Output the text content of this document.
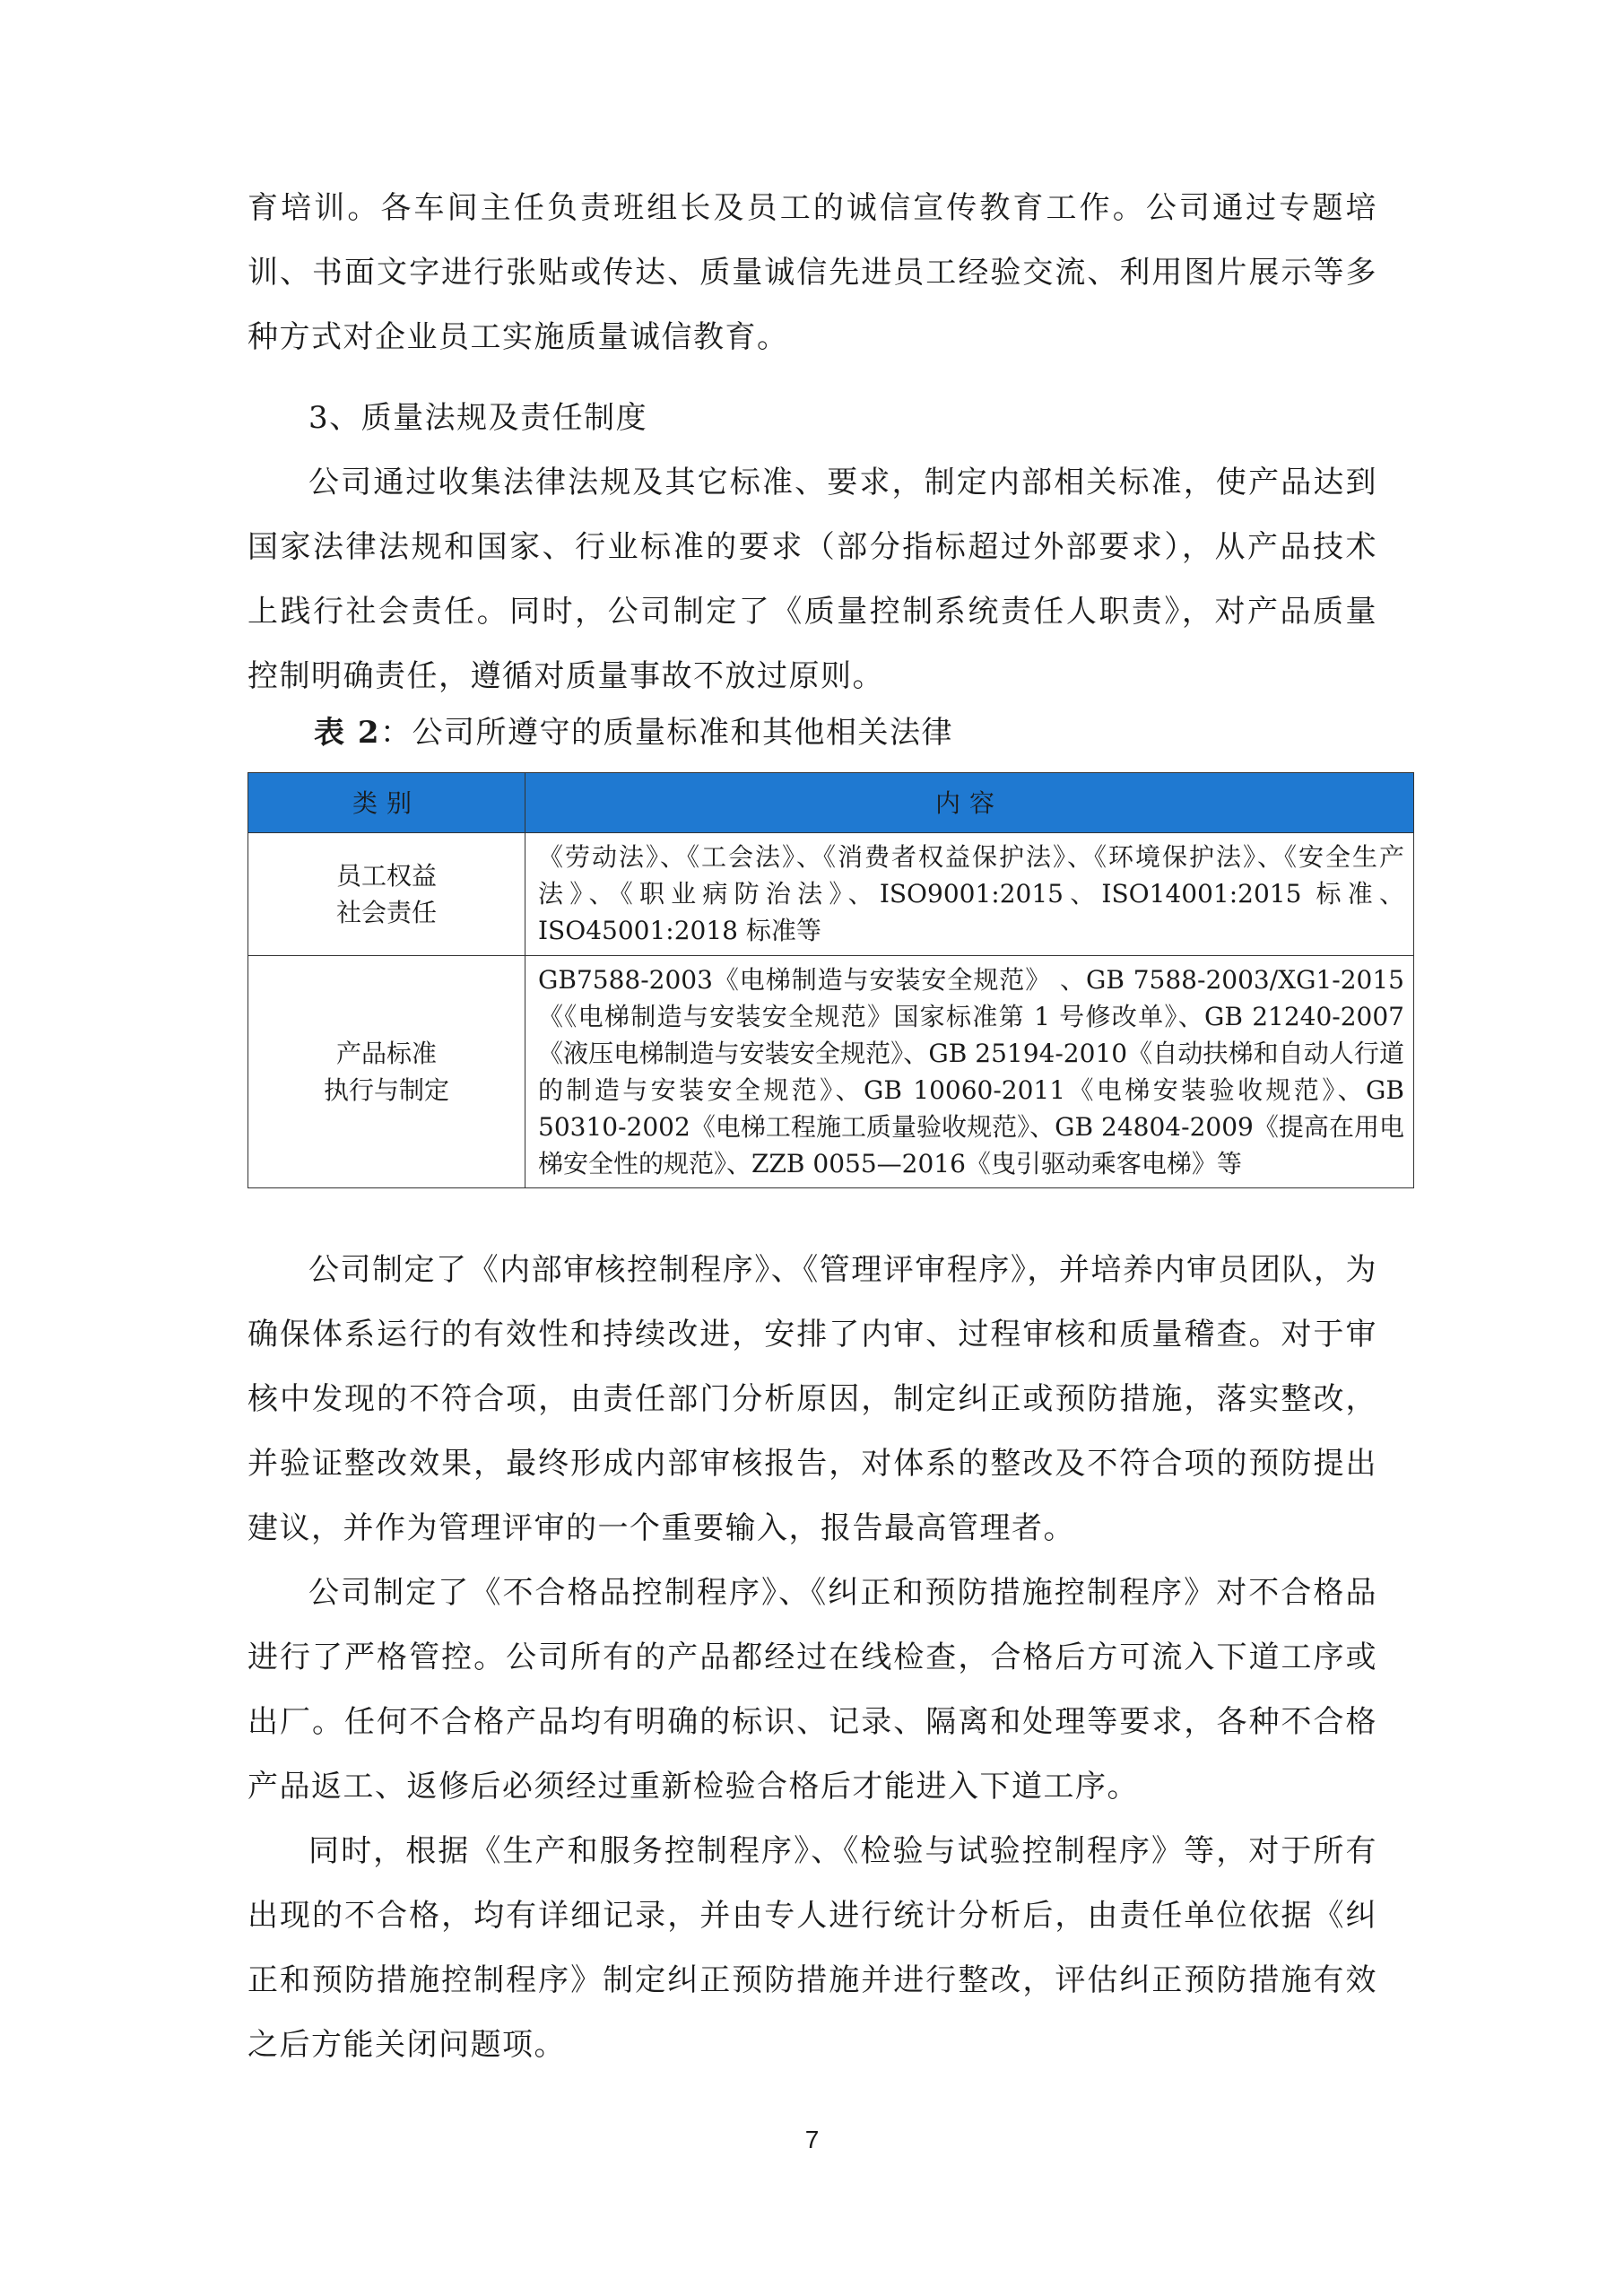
育培训。各车间主任负责班组长及员工的诚信宣传教育工作。公司通过专题培训、书面文字进行张贴或传达、质量诚信先进员工经验交流、利用图片展示等多种方式对企业员工实施质量诚信教育。

3、质量法规及责任制度

公司通过收集法律法规及其它标准、要求，制定内部相关标准，使产品达到国家法律法规和国家、行业标准的要求（部分指标超过外部要求），从产品技术上践行社会责任。同时，公司制定了《质量控制系统责任人职责》，对产品质量控制明确责任，遵循对质量事故不放过原则。

表 2：公司所遵守的质量标准和其他相关法律

类别	内容

员工权益
社会责任	《劳动法》、《工会法》、《消费者权益保护法》、《环境保护法》、《安全生产法》、《职业病防治法》、ISO9001:2015、ISO14001:2015 标准、ISO45001:2018 标准等

产品标准
执行与制定	GB7588-2003《电梯制造与安装安全规范》 、GB 7588-2003/XG1-2015《《电梯制造与安装安全规范》国家标准第 1 号修改单》、GB 21240-2007《液压电梯制造与安装安全规范》、GB 25194-2010《自动扶梯和自动人行道的制造与安装安全规范》、GB 10060-2011《电梯安装验收规范》、GB 50310-2002《电梯工程施工质量验收规范》、GB 24804-2009《提高在用电梯安全性的规范》、ZZB 0055—2016《曳引驱动乘客电梯》等

公司制定了《内部审核控制程序》、《管理评审程序》，并培养内审员团队，为确保体系运行的有效性和持续改进，安排了内审、过程审核和质量稽查。对于审核中发现的不符合项，由责任部门分析原因，制定纠正或预防措施，落实整改，并验证整改效果，最终形成内部审核报告，对体系的整改及不符合项的预防提出建议，并作为管理评审的一个重要输入，报告最高管理者。

公司制定了《不合格品控制程序》、《纠正和预防措施控制程序》对不合格品进行了严格管控。公司所有的产品都经过在线检查，合格后方可流入下道工序或出厂。任何不合格产品均有明确的标识、记录、隔离和处理等要求，各种不合格产品返工、返修后必须经过重新检验合格后才能进入下道工序。

同时，根据《生产和服务控制程序》、《检验与试验控制程序》等，对于所有出现的不合格，均有详细记录，并由专人进行统计分析后，由责任单位依据《纠正和预防措施控制程序》制定纠正预防措施并进行整改，评估纠正预防措施有效之后方能关闭问题项。

7
